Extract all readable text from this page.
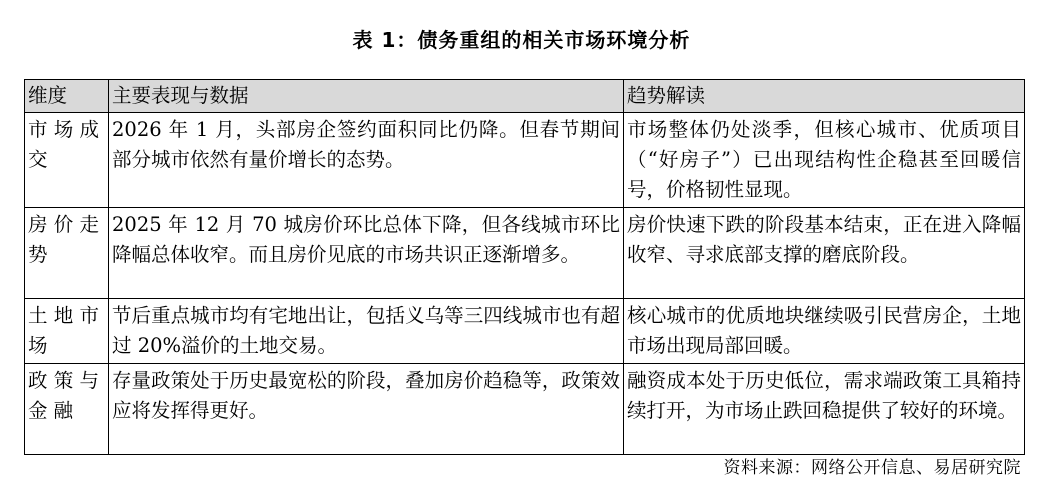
表 1：债务重组的相关市场环境分析
维度	主要表现与数据	趋势解读
市场成交	2026 年 1 月，头部房企签约面积同比仍降。但春节期间部分城市依然有量价增长的态势。	市场整体仍处淡季，但核心城市、优质项目（“好房子”）已出现结构性企稳甚至回暖信号，价格韧性显现。
房价走势	2025 年 12 月 70 城房价环比总体下降，但各线城市环比降幅总体收窄。而且房价见底的市场共识正逐渐增多。	房价快速下跌的阶段基本结束，正在进入降幅收窄、寻求底部支撑的磨底阶段。
土地市场	节后重点城市均有宅地出让，包括义乌等三四线城市也有超过 20%溢价的土地交易。	核心城市的优质地块继续吸引民营房企，土地市场出现局部回暖。
政策与金融	存量政策处于历史最宽松的阶段，叠加房价趋稳等，政策效应将发挥得更好。	融资成本处于历史低位，需求端政策工具箱持续打开，为市场止跌回稳提供了较好的环境。
资料来源：网络公开信息、易居研究院
